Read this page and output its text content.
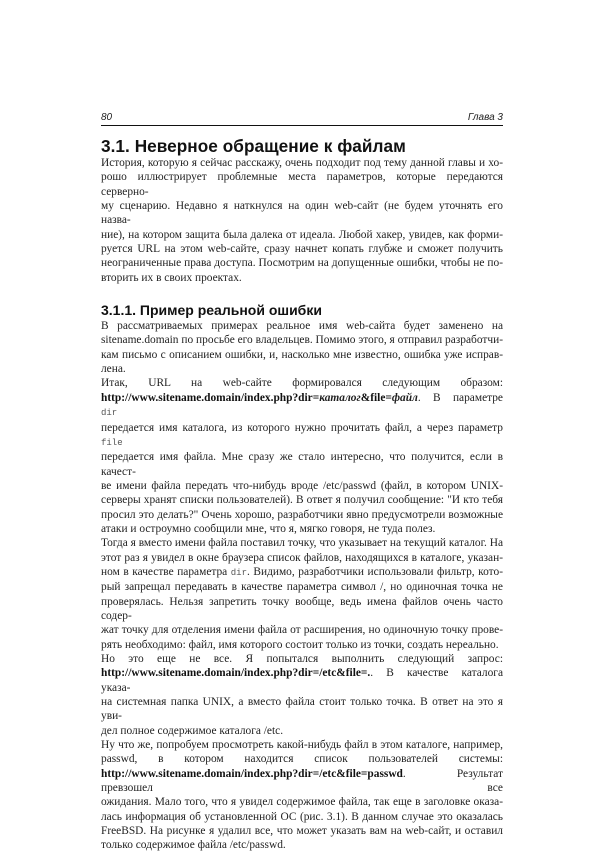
80	Глава 3
3.1. Неверное обращение к файлам

История, которую я сейчас расскажу, очень подходит под тему данной главы и хо-
рошо иллюстрирует проблемные места параметров, которые передаются серверно-
му сценарию. Недавно я наткнулся на один web-сайт (не будем уточнять его назва-
ние), на котором защита была далека от идеала. Любой хакер, увидев, как форми-
руется URL на этом web-сайте, сразу начнет копать глубже и сможет получить
неограниченные права доступа. Посмотрим на допущенные ошибки, чтобы не по-
вторить их в своих проектах.

3.1.1. Пример реальной ошибки

В рассматриваемых примерах реальное имя web-сайта будет заменено на
sitename.domain по просьбе его владельцев. Помимо этого, я отправил разработчи-
кам письмо с описанием ошибки, и, насколько мне известно, ошибка уже исправ-
лена.

Итак, URL на web-сайте формировался следующим образом:
http://www.sitename.domain/index.php?dir=каталог&file=файл. В параметре dir
передается имя каталога, из которого нужно прочитать файл, а через параметр file
передается имя файла. Мне сразу же стало интересно, что получится, если в качест-
ве имени файла передать что-нибудь вроде /etc/passwd (файл, в котором UNIX-
серверы хранят списки пользователей). В ответ я получил сообщение: "И кто тебя
просил это делать?" Очень хорошо, разработчики явно предусмотрели возможные
атаки и остроумно сообщили мне, что я, мягко говоря, не туда полез.

Тогда я вместо имени файла поставил точку, что указывает на текущий каталог. На
этот раз я увидел в окне браузера список файлов, находящихся в каталоге, указан-
ном в качестве параметра dir. Видимо, разработчики использовали фильтр, кото-
рый запрещал передавать в качестве параметра символ /, но одиночная точка не
проверялась. Нельзя запретить точку вообще, ведь имена файлов очень часто содер-
жат точку для отделения имени файла от расширения, но одиночную точку прове-
рять необходимо: файл, имя которого состоит только из точки, создать нереально.

Но это еще не все. Я попытался выполнить следующий запрос:
http://www.sitename.domain/index.php?dir=/etc&file=.. В качестве каталога указа-
на системная папка UNIX, а вместо файла стоит только точка. В ответ на это я уви-
дел полное содержимое каталога /etc.

Ну что же, попробуем просмотреть какой-нибудь файл в этом каталоге, например,
passwd, в котором находится список пользователей системы:
http://www.sitename.domain/index.php?dir=/etc&file=passwd. Результат превзошел все
ожидания. Мало того, что я увидел содержимое файла, так еще в заголовке оказа-
лась информация об установленной ОС (рис. 3.1). В данном случае это оказалась
FreeBSD. На рисунке я удалил все, что может указать вам на web-сайт, и оставил
только содержимое файла /etc/passwd.
